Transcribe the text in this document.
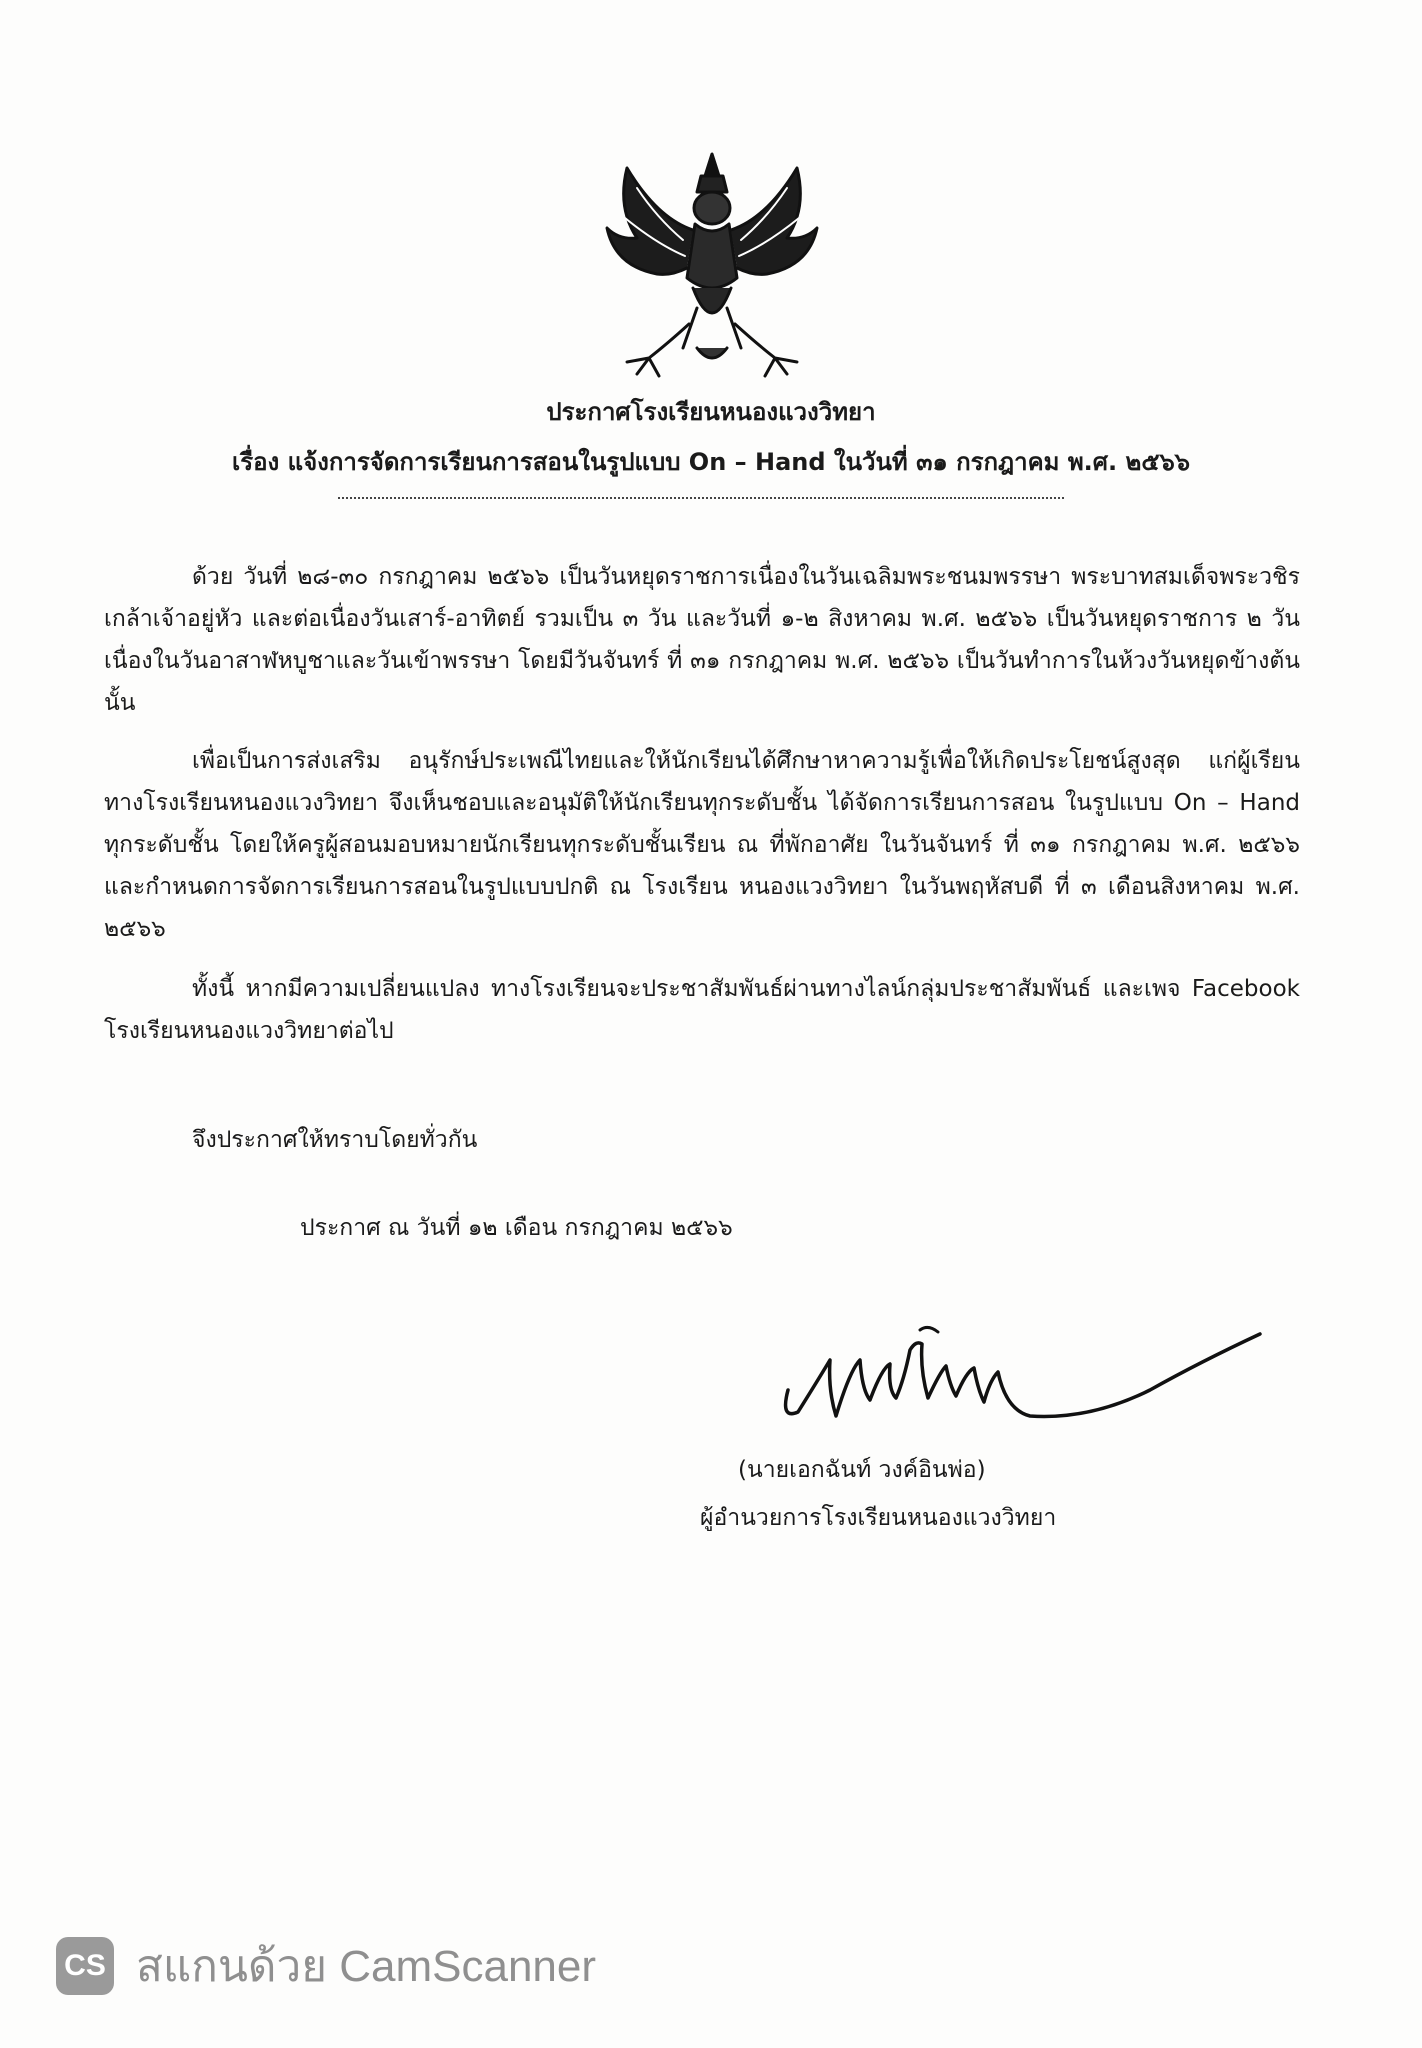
ประกาศโรงเรียนหนองแวงวิทยา
เรื่อง แจ้งการจัดการเรียนการสอนในรูปแบบ On – Hand ในวันที่ ๓๑ กรกฎาคม พ.ศ. ๒๕๖๖
ด้วย วันที่ ๒๘-๓๐ กรกฎาคม ๒๕๖๖ เป็นวันหยุดราชการเนื่องในวันเฉลิมพระชนมพรรษา พระบาทสมเด็จพระวชิรเกล้าเจ้าอยู่หัว และต่อเนื่องวันเสาร์-อาทิตย์ รวมเป็น ๓ วัน และวันที่ ๑-๒ สิงหาคม พ.ศ. ๒๕๖๖ เป็นวันหยุดราชการ ๒ วัน เนื่องในวันอาสาฬหบูชาและวันเข้าพรรษา โดยมีวันจันทร์ ที่ ๓๑ กรกฎาคม พ.ศ. ๒๕๖๖ เป็นวันทำการในห้วงวันหยุดข้างต้น นั้น
เพื่อเป็นการส่งเสริม อนุรักษ์ประเพณีไทยและให้นักเรียนได้ศึกษาหาความรู้เพื่อให้เกิดประโยชน์สูงสุด แก่ผู้เรียน ทางโรงเรียนหนองแวงวิทยา จึงเห็นชอบและอนุมัติให้นักเรียนทุกระดับชั้น ได้จัดการเรียนการสอน ในรูปแบบ On – Hand ทุกระดับชั้น โดยให้ครูผู้สอนมอบหมายนักเรียนทุกระดับชั้นเรียน ณ ที่พักอาศัย ในวันจันทร์ ที่ ๓๑ กรกฎาคม พ.ศ. ๒๕๖๖ และกำหนดการจัดการเรียนการสอนในรูปแบบปกติ ณ โรงเรียน หนองแวงวิทยา ในวันพฤหัสบดี ที่ ๓ เดือนสิงหาคม พ.ศ. ๒๕๖๖
ทั้งนี้ หากมีความเปลี่ยนแปลง ทางโรงเรียนจะประชาสัมพันธ์ผ่านทางไลน์กลุ่มประชาสัมพันธ์ และเพจ Facebook โรงเรียนหนองแวงวิทยาต่อไป
จึงประกาศให้ทราบโดยทั่วกัน
ประกาศ ณ วันที่ ๑๒ เดือน กรกฎาคม ๒๕๖๖
(นายเอกฉันท์ วงค์อินพ่อ)
ผู้อำนวยการโรงเรียนหนองแวงวิทยา
CS สแกนด้วย CamScanner
